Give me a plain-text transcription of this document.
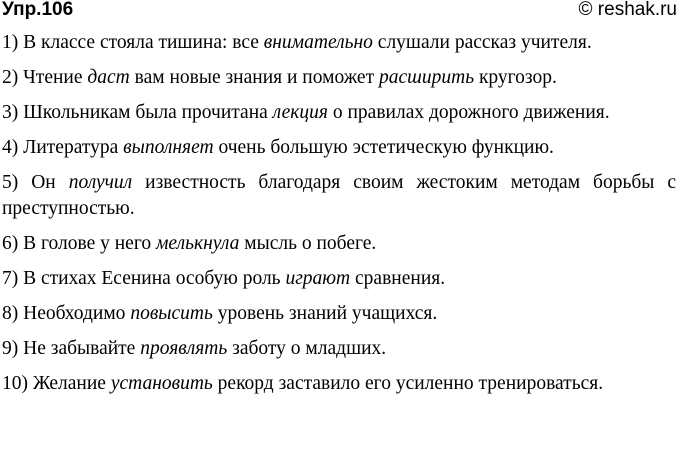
Упр.106	© reshak.ru
1) В классе стояла тишина: все внимательно слушали рассказ учителя.
2) Чтение даст вам новые знания и поможет расширить кругозор.
3) Школьникам была прочитана лекция о правилах дорожного движения.
4) Литература выполняет очень большую эстетическую функцию.
5) Он получил известность благодаря своим жестоким методам борьбы с преступностью.
6) В голове у него мелькнула мысль о побеге.
7) В стихах Есенина особую роль играют сравнения.
8) Необходимо повысить уровень знаний учащихся.
9) Не забывайте проявлять заботу о младших.
10) Желание установить рекорд заставило его усиленно тренироваться.
